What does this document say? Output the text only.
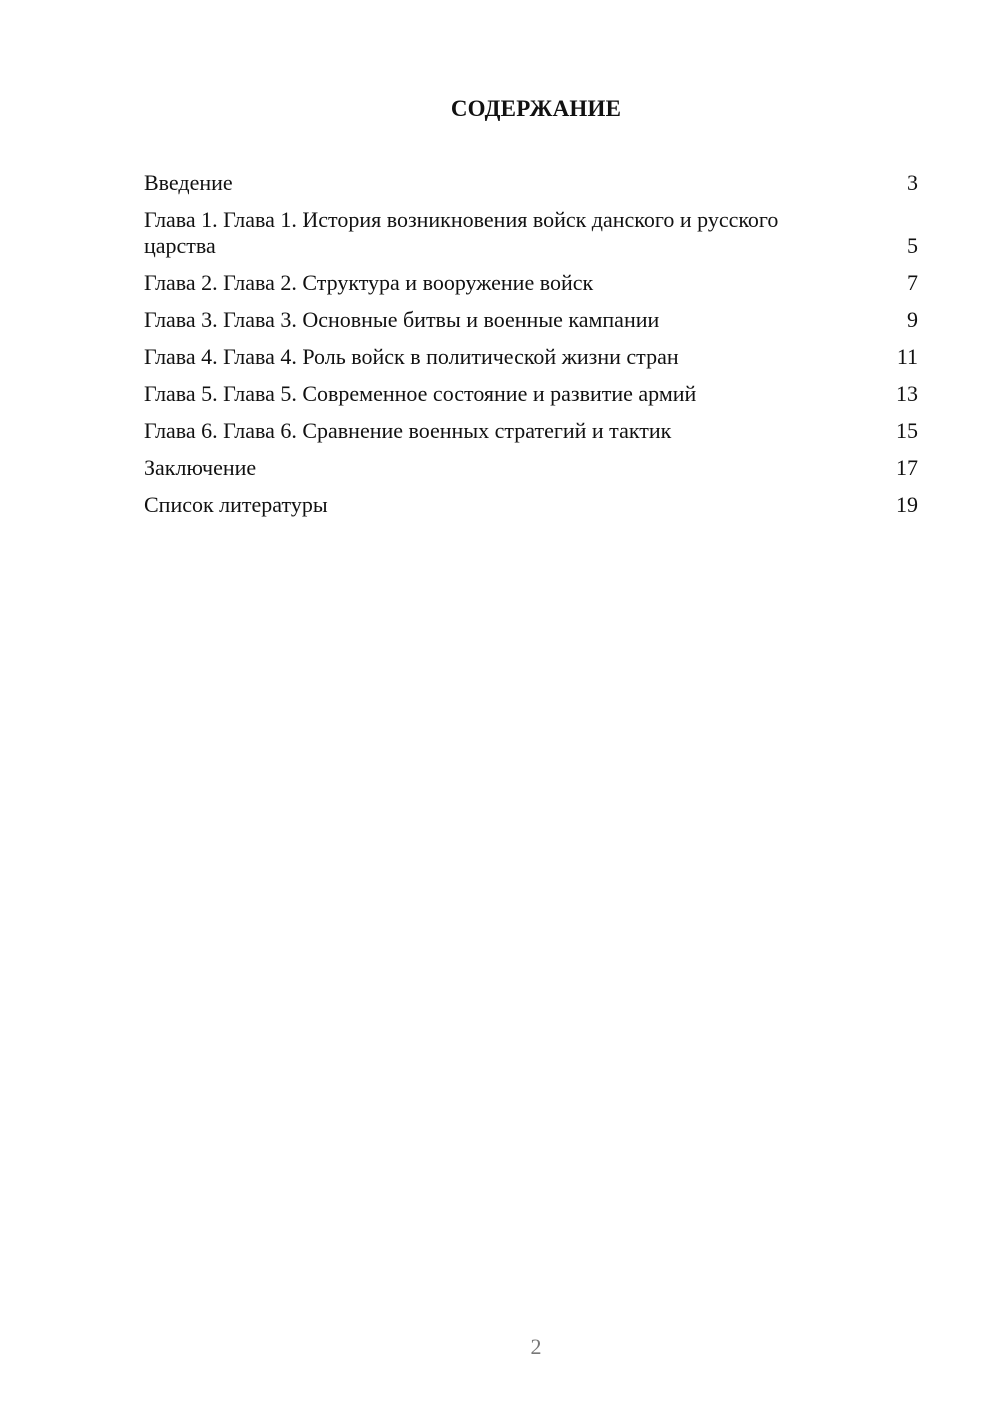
СОДЕРЖАНИЕ
Введение	3
Глава 1. Глава 1. История возникновения войск данского и русского царства	5
Глава 2. Глава 2. Структура и вооружение войск	7
Глава 3. Глава 3. Основные битвы и военные кампании	9
Глава 4. Глава 4. Роль войск в политической жизни стран	11
Глава 5. Глава 5. Современное состояние и развитие армий	13
Глава 6. Глава 6. Сравнение военных стратегий и тактик	15
Заключение	17
Список литературы	19
2
